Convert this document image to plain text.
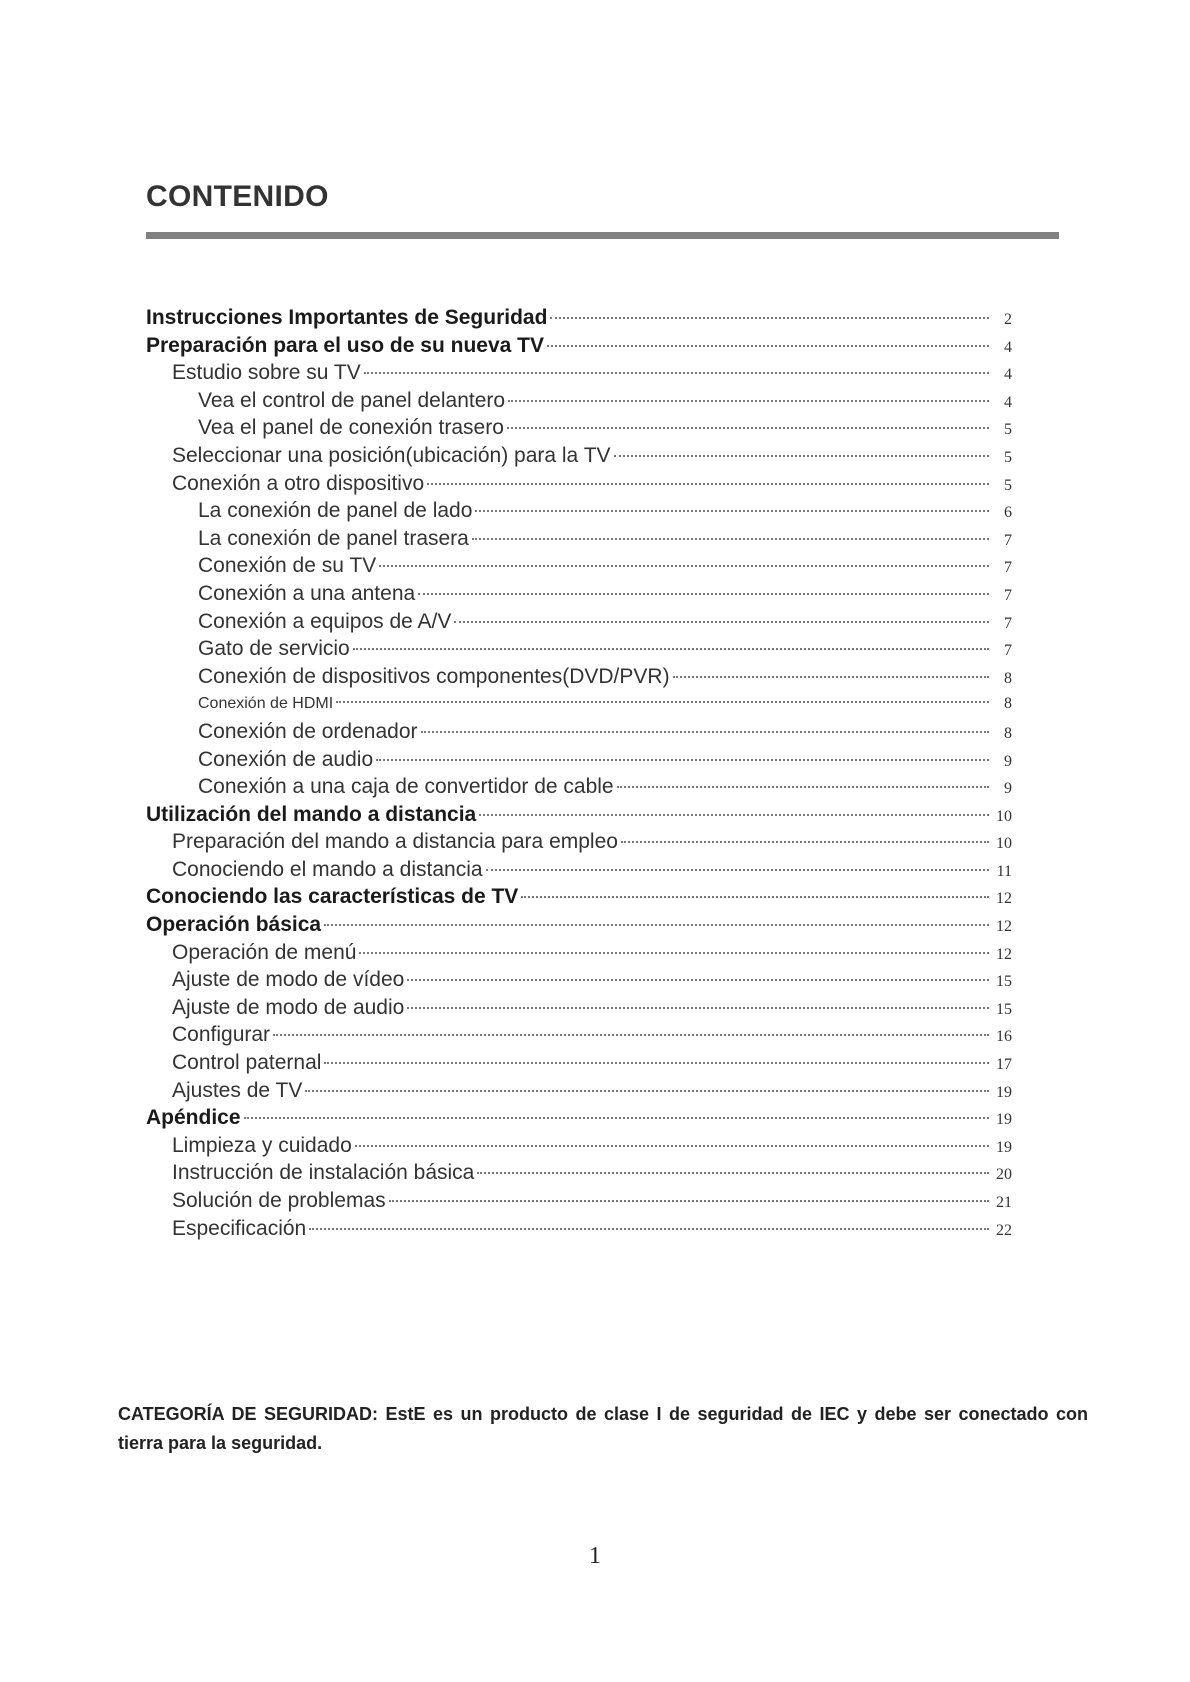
CONTENIDO
Instrucciones Importantes de Seguridad	2
Preparación para el uso de su nueva TV	4
Estudio sobre su TV	4
Vea el control de panel delantero	4
Vea el panel de conexión trasero	5
Seleccionar una posición(ubicación) para la TV	5
Conexión a otro dispositivo	5
La conexión de panel de lado	6
La conexión de panel trasera	7
Conexión de su TV	7
Conexión a una antena	7
Conexión a equipos de A/V	7
Gato de servicio	7
Conexión de dispositivos componentes(DVD/PVR)	8
Conexión de HDMI	8
Conexión de ordenador	8
Conexión de audio	9
Conexión a una caja de convertidor de cable	9
Utilización del mando a distancia	10
Preparación del mando a distancia para empleo	10
Conociendo el mando a distancia	11
Conociendo las características de TV	12
Operación básica	12
Operación de menú	12
Ajuste de modo de vídeo	15
Ajuste de modo de audio	15
Configurar	16
Control paternal	17
Ajustes de TV	19
Apéndice	19
Limpieza y cuidado	19
Instrucción de instalación básica	20
Solución de problemas	21
Especificación	22

CATEGORÍA DE SEGURIDAD: EstE es un producto de clase I de seguridad de IEC y debe ser conectado con tierra para la seguridad.

1
